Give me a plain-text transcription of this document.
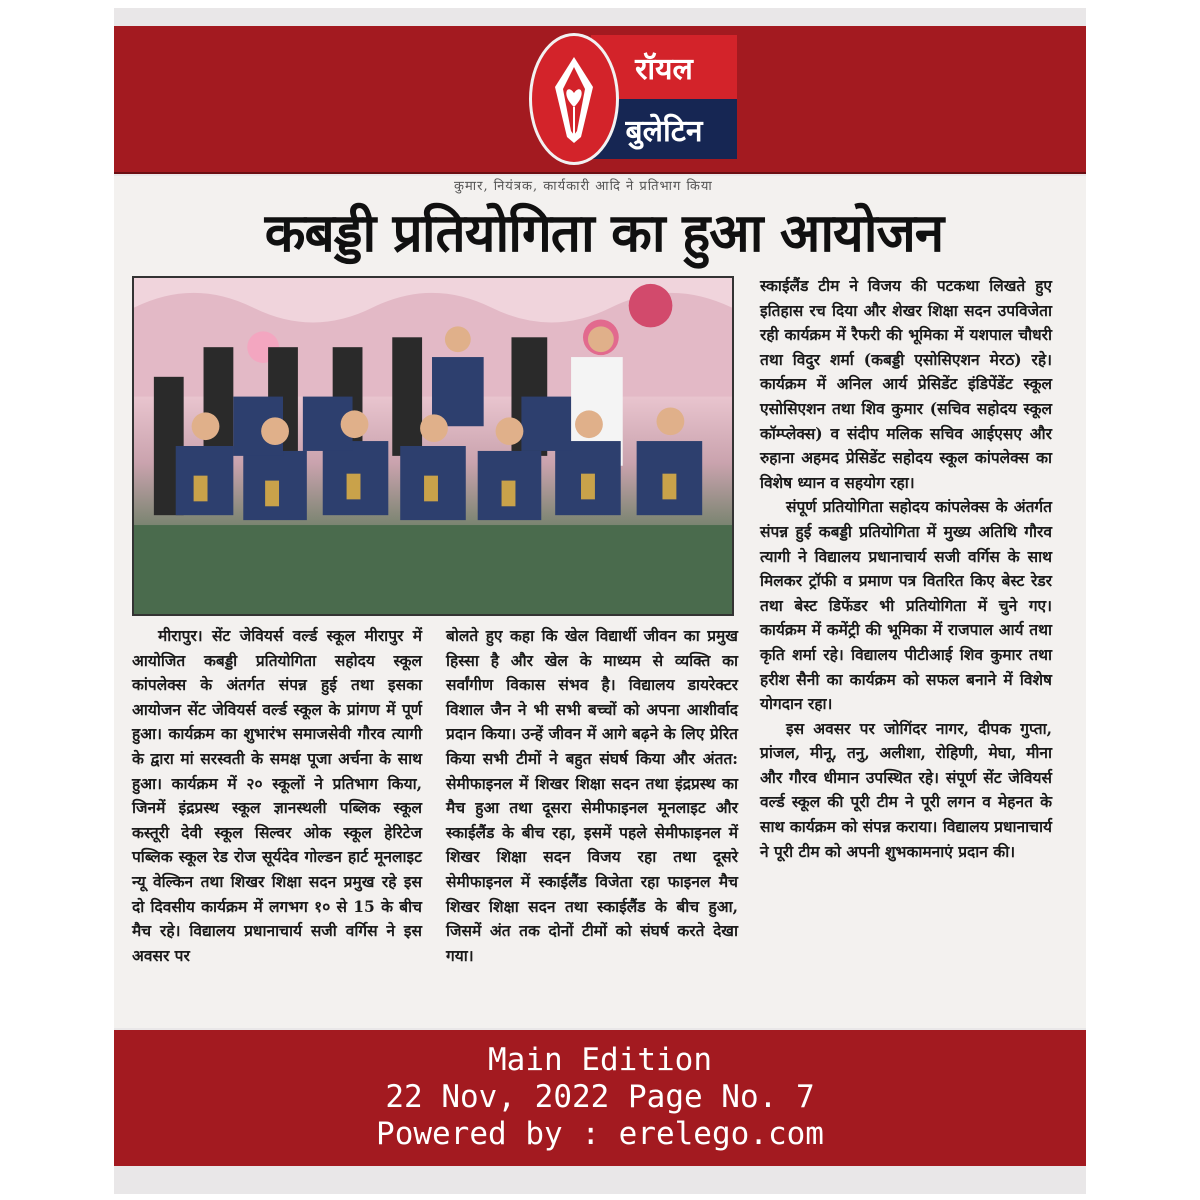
रॉयल
बुलेटिन
कुमार, नियंत्रक, कार्यकारी आदि ने प्रतिभाग किया
कबड्डी प्रतियोगिता का हुआ आयोजन

स्काईलैंड टीम ने विजय की पटकथा लिखते हुए इतिहास रच दिया और शेखर शिक्षा सदन उपविजेता रही कार्यक्रम में रैफरी की भूमिका में यशपाल चौधरी तथा विदुर शर्मा (कबड्डी एसोसिएशन मेरठ) रहे। कार्यक्रम में अनिल आर्य प्रेसिडेंट इंडिपेंडेंट स्कूल एसोसिएशन तथा शिव कुमार (सचिव सहोदय स्कूल कॉम्प्लेक्स) व संदीप मलिक सचिव आईएसए और रुहाना अहमद प्रेसिडेंट सहोदय स्कूल कांपलेक्स का विशेष ध्यान व सहयोग रहा।

संपूर्ण प्रतियोगिता सहोदय कांपलेक्स के अंतर्गत संपन्न हुई कबड्डी प्रतियोगिता में मुख्य अतिथि गौरव त्यागी ने विद्यालय प्रधानाचार्य सजी वर्गिस के साथ मिलकर ट्रॉफी व प्रमाण पत्र वितरित किए बेस्ट रेडर तथा बेस्ट डिफेंडर भी प्रतियोगिता में चुने गए। कार्यक्रम में कमेंट्री की भूमिका में राजपाल आर्य तथा कृति शर्मा रहे। विद्यालय पीटीआई शिव कुमार तथा हरीश सैनी का कार्यक्रम को सफल बनाने में विशेष योगदान रहा।

इस अवसर पर जोगिंदर नागर, दीपक गुप्ता, प्रांजल, मीनू, तनु, अलीशा, रोहिणी, मेघा, मीना और गौरव धीमान उपस्थित रहे। संपूर्ण सेंट जेवियर्स वर्ल्ड स्कूल की पूरी टीम ने पूरी लगन व मेहनत के साथ कार्यक्रम को संपन्न कराया। विद्यालय प्रधानाचार्य ने पूरी टीम को अपनी शुभकामनाएं प्रदान की।

मीरापुर। सेंट जेवियर्स वर्ल्ड स्कूल मीरापुर में आयोजित कबड्डी प्रतियोगिता सहोदय स्कूल कांपलेक्स के अंतर्गत संपन्न हुई तथा इसका आयोजन सेंट जेवियर्स वर्ल्ड स्कूल के प्रांगण में पूर्ण हुआ। कार्यक्रम का शुभारंभ समाजसेवी गौरव त्यागी के द्वारा मां सरस्वती के समक्ष पूजा अर्चना के साथ हुआ। कार्यक्रम में २० स्कूलों ने प्रतिभाग किया, जिनमें इंद्रप्रस्थ स्कूल ज्ञानस्थली पब्लिक स्कूल कस्तूरी देवी स्कूल सिल्वर ओक स्कूल हेरिटेज पब्लिक स्कूल रेड रोज सूर्यदेव गोल्डन हार्ट मूनलाइट न्यू वेल्किन तथा शिखर शिक्षा सदन प्रमुख रहे इस दो दिवसीय कार्यक्रम में लगभग १० से 15 के बीच मैच रहे। विद्यालय प्रधानाचार्य सजी वर्गिस ने इस अवसर पर

बोलते हुए कहा कि खेल विद्यार्थी जीवन का प्रमुख हिस्सा है और खेल के माध्यम से व्यक्ति का सर्वांगीण विकास संभव है। विद्यालय डायरेक्टर विशाल जैन ने भी सभी बच्चों को अपना आशीर्वाद प्रदान किया। उन्हें जीवन में आगे बढ़ने के लिए प्रेरित किया सभी टीमों ने बहुत संघर्ष किया और अंतत: सेमीफाइनल में शिखर शिक्षा सदन तथा इंद्रप्रस्थ का मैच हुआ तथा दूसरा सेमीफाइनल मूनलाइट और स्काईलैंड के बीच रहा, इसमें पहले सेमीफाइनल में शिखर शिक्षा सदन विजय रहा तथा दूसरे सेमीफाइनल में स्काईलैंड विजेता रहा फाइनल मैच शिखर शिक्षा सदन तथा स्काईलैंड के बीच हुआ, जिसमें अंत तक दोनों टीमों को संघर्ष करते देखा गया।

Main Edition
22 Nov, 2022 Page No. 7
Powered by : erelego.com
